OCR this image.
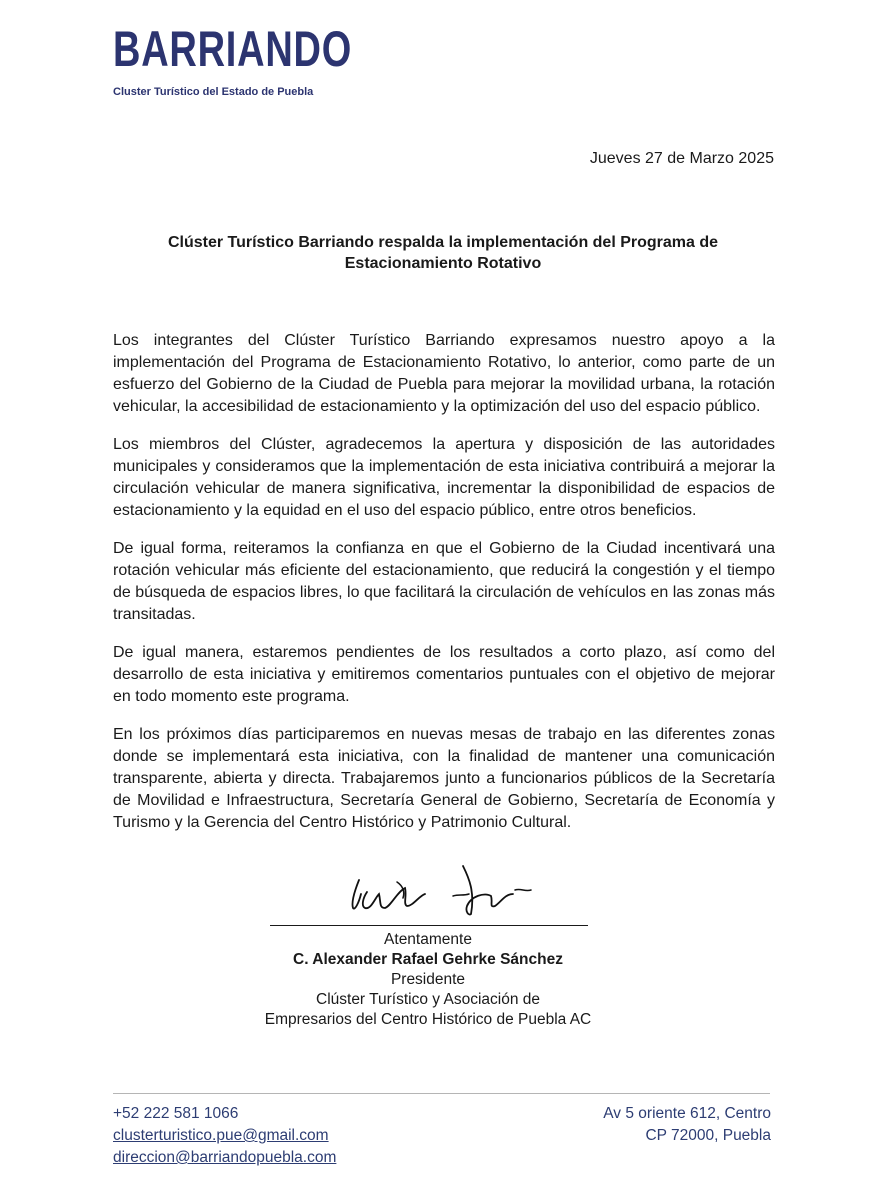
BARRIANDO
Cluster Turístico del Estado de Puebla
Jueves 27 de Marzo 2025
Clúster Turístico Barriando respalda la implementación del Programa de
Estacionamiento Rotativo

Los integrantes del Clúster Turístico Barriando expresamos nuestro apoyo a la implementación del Programa de Estacionamiento Rotativo, lo anterior, como parte de un esfuerzo del Gobierno de la Ciudad de Puebla para mejorar la movilidad urbana, la rotación vehicular, la accesibilidad de estacionamiento y la optimización del uso del espacio público.

Los miembros del Clúster, agradecemos la apertura y disposición de las autoridades municipales y consideramos que la implementación de esta iniciativa contribuirá a mejorar la circulación vehicular de manera significativa, incrementar la disponibilidad de espacios de estacionamiento y la equidad en el uso del espacio público, entre otros beneficios.

De igual forma, reiteramos la confianza en que el Gobierno de la Ciudad incentivará una rotación vehicular más eficiente del estacionamiento, que reducirá la congestión y el tiempo de búsqueda de espacios libres, lo que facilitará la circulación de vehículos en las zonas más transitadas.

De igual manera, estaremos pendientes de los resultados a corto plazo, así como del desarrollo de esta iniciativa y emitiremos comentarios puntuales con el objetivo de mejorar en todo momento este programa.

En los próximos días participaremos en nuevas mesas de trabajo en las diferentes zonas donde se implementará esta iniciativa, con la finalidad de mantener una comunicación transparente, abierta y directa. Trabajaremos junto a funcionarios públicos de la Secretaría de Movilidad e Infraestructura, Secretaría General de Gobierno, Secretaría de Economía y Turismo y la Gerencia del Centro Histórico y Patrimonio Cultural.

Atentamente
C. Alexander Rafael Gehrke Sánchez
Presidente
Clúster Turístico y Asociación de
Empresarios del Centro Histórico de Puebla AC
+52 222 581 1066
clusterturistico.pue@gmail.com
direccion@barriandopuebla.com
Av 5 oriente 612, Centro
CP 72000, Puebla
